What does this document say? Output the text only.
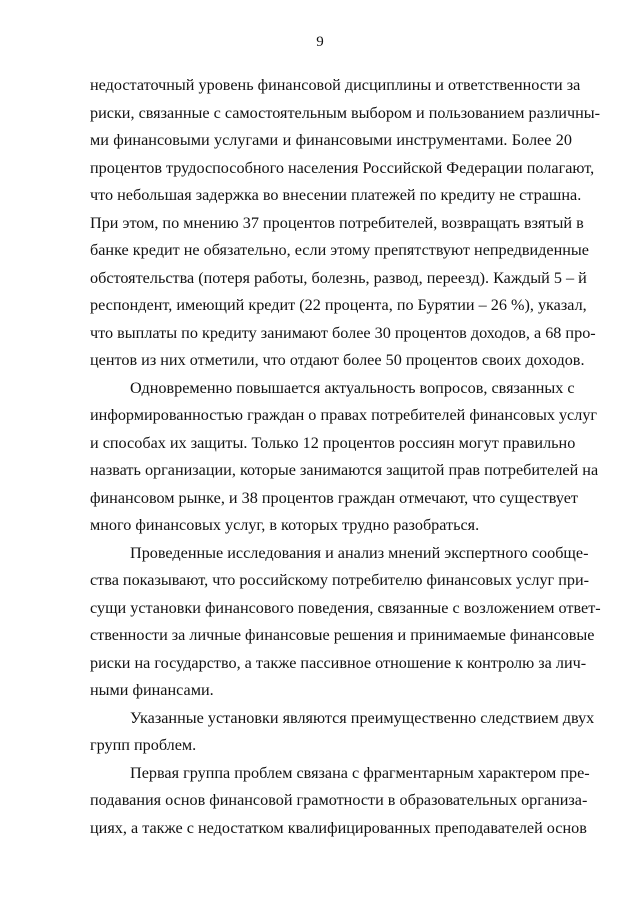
9
недостаточный уровень финансовой дисциплины и ответственности за
риски, связанные с самостоятельным выбором и пользованием различны-
ми финансовыми услугами и финансовыми инструментами. Более 20
процентов трудоспособного населения Российской Федерации полагают,
что небольшая задержка во внесении платежей по кредиту не страшна.
При этом, по мнению 37 процентов потребителей, возвращать взятый в
банке кредит не обязательно, если этому препятствуют непредвиденные
обстоятельства (потеря работы, болезнь, развод, переезд). Каждый 5 – й
респондент, имеющий кредит (22 процента, по Бурятии – 26 %), указал,
что выплаты по кредиту занимают более 30 процентов доходов, а 68 про-
центов из них отметили, что отдают более 50 процентов своих доходов.
Одновременно повышается актуальность вопросов, связанных с
информированностью граждан о правах потребителей финансовых услуг
и способах их защиты. Только 12 процентов россиян могут правильно
назвать организации, которые занимаются защитой прав потребителей на
финансовом рынке, и 38 процентов граждан отмечают, что существует
много финансовых услуг, в которых трудно разобраться.
Проведенные исследования и анализ мнений экспертного сообще-
ства показывают, что российскому потребителю финансовых услуг при-
сущи установки финансового поведения, связанные с возложением ответ-
ственности за личные финансовые решения и принимаемые финансовые
риски на государство, а также пассивное отношение к контролю за лич-
ными финансами.
Указанные установки являются преимущественно следствием двух
групп проблем.
Первая группа проблем связана с фрагментарным характером пре-
подавания основ финансовой грамотности в образовательных организа-
циях, а также с недостатком квалифицированных преподавателей основ
